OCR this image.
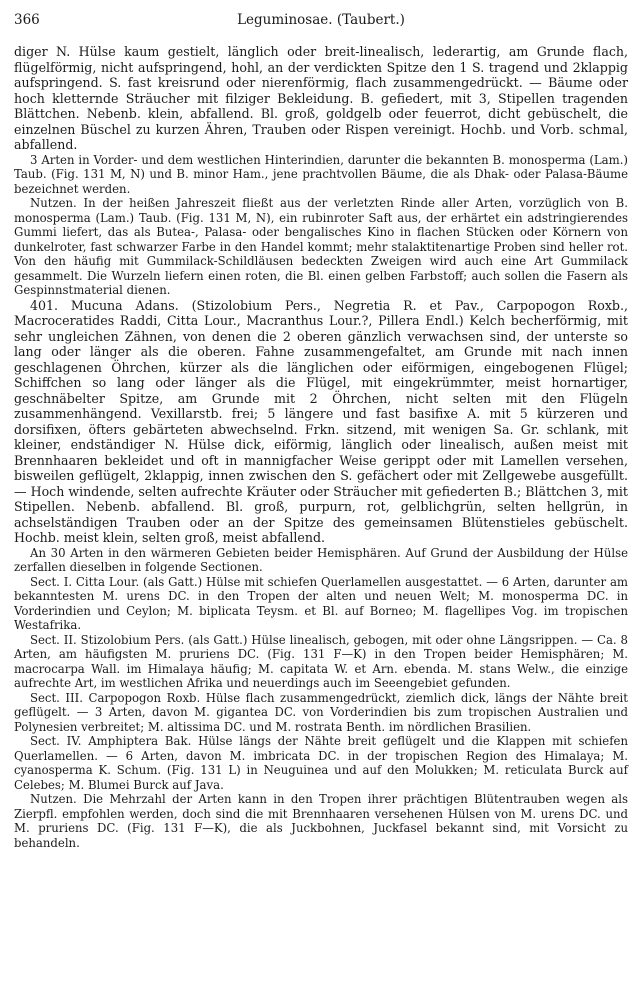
366	Leguminosae. (Taubert.)

diger N. Hülse kaum gestielt, länglich oder breit-linealisch, lederartig, am Grunde flach, flügelförmig, nicht aufspringend, hohl, an der verdickten Spitze den 1 S. tragend und 2klappig aufspringend. S. fast kreisrund oder nierenförmig, flach zusammengedrückt. — Bäume oder hoch kletternde Sträucher mit filziger Bekleidung. B. gefiedert, mit 3, Stipellen tragenden Blättchen. Nebenb. klein, abfallend. Bl. groß, goldgelb oder feuerrot, dicht gebüschelt, die einzelnen Büschel zu kurzen Ähren, Trauben oder Rispen vereinigt. Hochb. und Vorb. schmal, abfallend.

3 Arten in Vorder- und dem westlichen Hinterindien, darunter die bekannten B. monosperma (Lam.) Taub. (Fig. 131 M, N) und B. minor Ham., jene prachtvollen Bäume, die als Dhak- oder Palasa-Bäume bezeichnet werden.

Nutzen. In der heißen Jahreszeit fließt aus der verletzten Rinde aller Arten, vorzüglich von B. monosperma (Lam.) Taub. (Fig. 131 M, N), ein rubinroter Saft aus, der erhärtet ein adstringierendes Gummi liefert, das als Butea-, Palasa- oder bengalisches Kino in flachen Stücken oder Körnern von dunkelroter, fast schwarzer Farbe in den Handel kommt; mehr stalaktitenartige Proben sind heller rot. Von den häufig mit Gummilack-Schildläusen bedeckten Zweigen wird auch eine Art Gummilack gesammelt. Die Wurzeln liefern einen roten, die Bl. einen gelben Farbstoff; auch sollen die Fasern als Gespinnstmaterial dienen.

401. Mucuna Adans. (Stizolobium Pers., Negretia R. et Pav., Carpopogon Roxb., Macroceratides Raddi, Citta Lour., Macranthus Lour.?, Pillera Endl.) Kelch becherförmig, mit sehr ungleichen Zähnen, von denen die 2 oberen gänzlich verwachsen sind, der unterste so lang oder länger als die oberen. Fahne zusammengefaltet, am Grunde mit nach innen geschlagenen Öhrchen, kürzer als die länglichen oder eiförmigen, eingebogenen Flügel; Schiffchen so lang oder länger als die Flügel, mit eingekrümmter, meist hornartiger, geschnäbelter Spitze, am Grunde mit 2 Öhrchen, nicht selten mit den Flügeln zusammenhängend. Vexillarstb. frei; 5 längere und fast basifixe A. mit 5 kürzeren und dorsifixen, öfters gebärteten abwechselnd. Frkn. sitzend, mit wenigen Sa. Gr. schlank, mit kleiner, endständiger N. Hülse dick, eiförmig, länglich oder linealisch, außen meist mit Brennhaaren bekleidet und oft in mannigfacher Weise gerippt oder mit Lamellen versehen, bisweilen geflügelt, 2klappig, innen zwischen den S. gefächert oder mit Zellgewebe ausgefüllt. — Hoch windende, selten aufrechte Kräuter oder Sträucher mit gefiederten B.; Blättchen 3, mit Stipellen. Nebenb. abfallend. Bl. groß, purpurn, rot, gelblichgrün, selten hellgrün, in achselständigen Trauben oder an der Spitze des gemeinsamen Blütenstieles gebüschelt. Hochb. meist klein, selten groß, meist abfallend.

An 30 Arten in den wärmeren Gebieten beider Hemisphären. Auf Grund der Ausbildung der Hülse zerfallen dieselben in folgende Sectionen.

Sect. I. Citta Lour. (als Gatt.) Hülse mit schiefen Querlamellen ausgestattet. — 6 Arten, darunter am bekanntesten M. urens DC. in den Tropen der alten und neuen Welt; M. monosperma DC. in Vorderindien und Ceylon; M. biplicata Teysm. et Bl. auf Borneo; M. flagellipes Vog. im tropischen Westafrika.

Sect. II. Stizolobium Pers. (als Gatt.) Hülse linealisch, gebogen, mit oder ohne Längsrippen. — Ca. 8 Arten, am häufigsten M. pruriens DC. (Fig. 131 F—K) in den Tropen beider Hemisphären; M. macrocarpa Wall. im Himalaya häufig; M. capitata W. et Arn. ebenda. M. stans Welw., die einzige aufrechte Art, im westlichen Afrika und neuerdings auch im Seeengebiet gefunden.

Sect. III. Carpopogon Roxb. Hülse flach zusammengedrückt, ziemlich dick, längs der Nähte breit geflügelt. — 3 Arten, davon M. gigantea DC. von Vorderindien bis zum tropischen Australien und Polynesien verbreitet; M. altissima DC. und M. rostrata Benth. im nördlichen Brasilien.

Sect. IV. Amphiptera Bak. Hülse längs der Nähte breit geflügelt und die Klappen mit schiefen Querlamellen. — 6 Arten, davon M. imbricata DC. in der tropischen Region des Himalaya; M. cyanosperma K. Schum. (Fig. 131 L) in Neuguinea und auf den Molukken; M. reticulata Burck auf Celebes; M. Blumei Burck auf Java.

Nutzen. Die Mehrzahl der Arten kann in den Tropen ihrer prächtigen Blütentrauben wegen als Zierpfl. empfohlen werden, doch sind die mit Brennhaaren versehenen Hülsen von M. urens DC. und M. pruriens DC. (Fig. 131 F—K), die als Juckbohnen, Juckfasel bekannt sind, mit Vorsicht zu behandeln.
